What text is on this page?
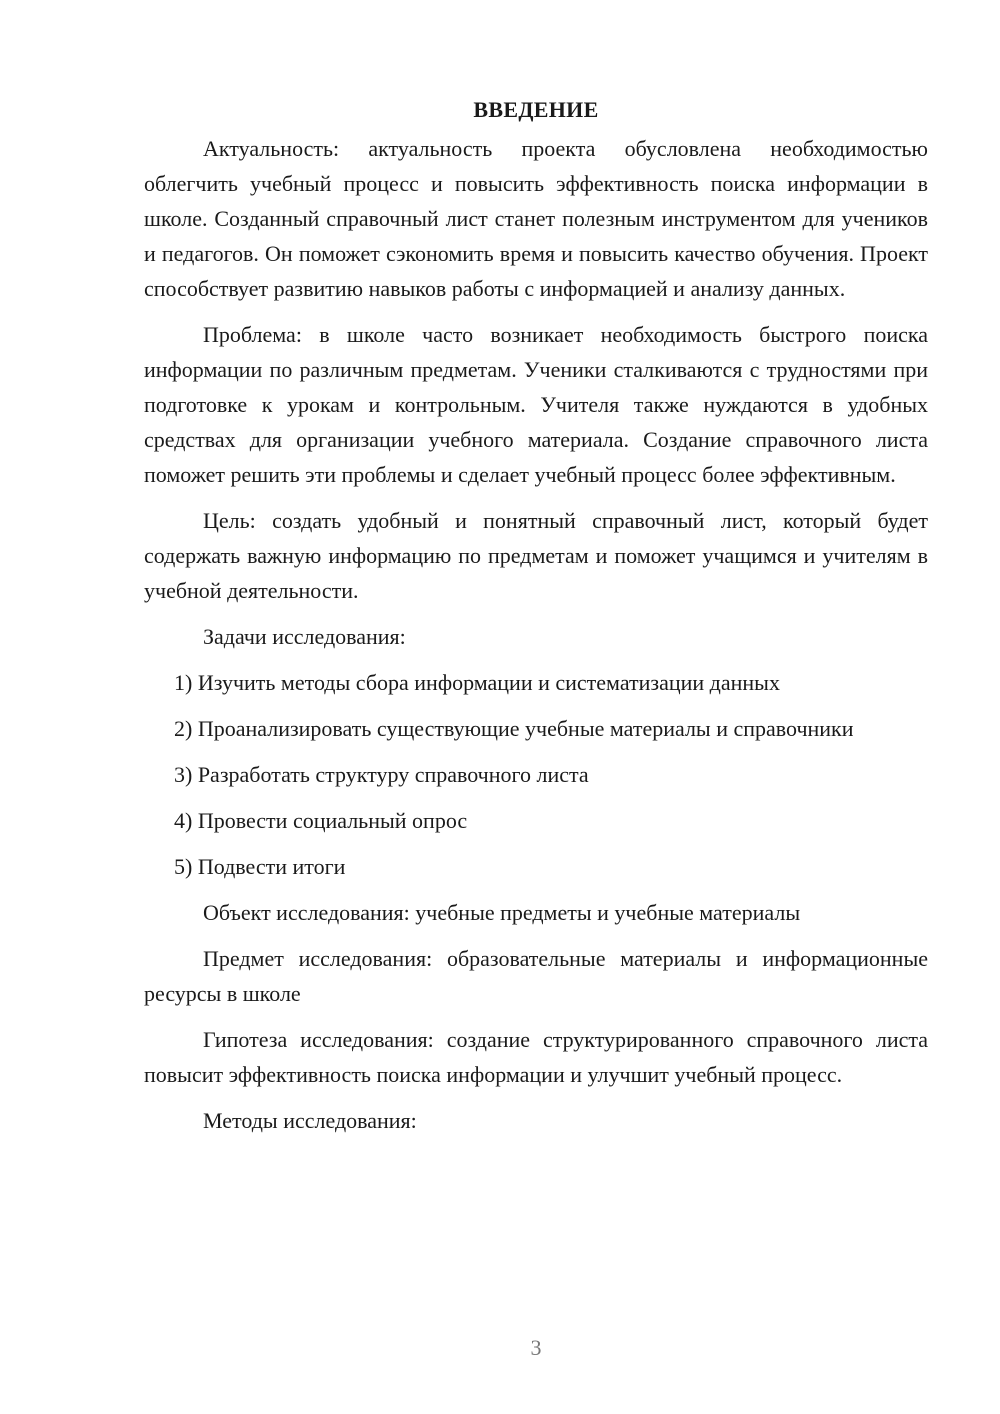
ВВЕДЕНИЕ

Актуальность: актуальность проекта обусловлена необходимостью облегчить учебный процесс и повысить эффективность поиска информации в школе. Созданный справочный лист станет полезным инструментом для учеников и педагогов. Он поможет сэкономить время и повысить качество обучения. Проект способствует развитию навыков работы с информацией и анализу данных.

Проблема: в школе часто возникает необходимость быстрого поиска информации по различным предметам. Ученики сталкиваются с трудностями при подготовке к урокам и контрольным. Учителя также нуждаются в удобных средствах для организации учебного материала. Создание справочного листа поможет решить эти проблемы и сделает учебный процесс более эффективным.

Цель: создать удобный и понятный справочный лист, который будет содержать важную информацию по предметам и поможет учащимся и учителям в учебной деятельности.

Задачи исследования:

1) Изучить методы сбора информации и систематизации данных

2) Проанализировать существующие учебные материалы и справочники

3) Разработать структуру справочного листа

4) Провести социальный опрос

5) Подвести итоги

Объект исследования: учебные предметы и учебные материалы

Предмет исследования: образовательные материалы и информационные ресурсы в школе

Гипотеза исследования: создание структурированного справочного листа повысит эффективность поиска информации и улучшит учебный процесс.

Методы исследования:

3
